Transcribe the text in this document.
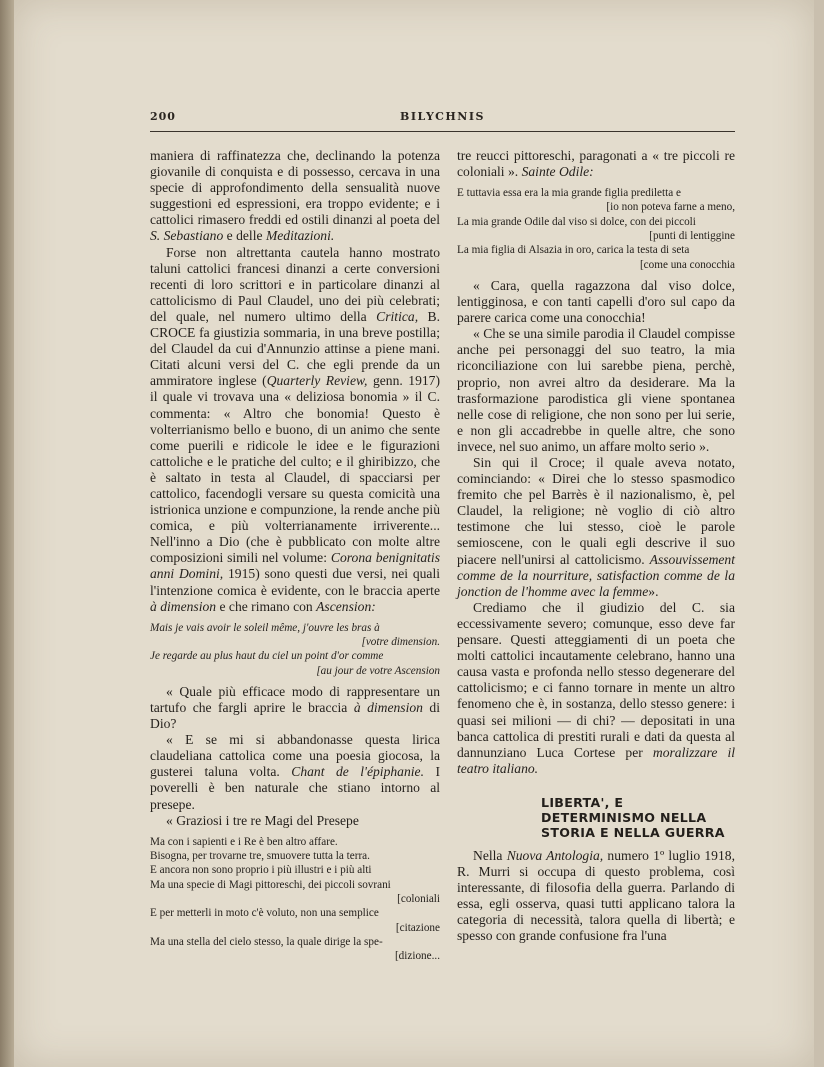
200	BILYCHNIS

maniera di raffinatezza che, declinando la potenza giovanile di conquista e di possesso, cercava in una specie di approfondimento della sensualità nuove suggestioni ed espressioni, era troppo evidente; e i cattolici rimasero freddi ed ostili dinanzi al poeta del S. Sebastiano e delle Meditazioni.

Forse non altrettanta cautela hanno mostrato taluni cattolici francesi dinanzi a certe conversioni recenti di loro scrittori e in particolare dinanzi al cattolicismo di Paul Claudel, uno dei più celebrati; del quale, nel numero ultimo della Critica, B. CROCE fa giustizia sommaria, in una breve postilla; del Claudel da cui d'Annunzio attinse a piene mani. Citati alcuni versi del C. che egli prende da un ammiratore inglese (Quarterly Review, genn. 1917) il quale vi trovava una « deliziosa bonomia » il C. commenta: « Altro che bonomia! Questo è volterrianismo bello e buono, di un animo che sente come puerili e ridicole le idee e le figurazioni cattoliche e le pratiche del culto; e il ghiribizzo, che è saltato in testa al Claudel, di spacciarsi per cattolico, facendogli versare su questa comicità una istrionica unzione e compunzione, la rende anche più comica, e più volterrianamente irriverente... Nell'inno a Dio (che è pubblicato con molte altre composizioni simili nel volume: Corona benignitatis anni Domini, 1915) sono questi due versi, nei quali l'intenzione comica è evidente, con le braccia aperte à dimension e che rimano con Ascension:

Mais je vais avoir le soleil même, j'ouvre les bras à

[votre dimension.

Je regarde au plus haut du ciel un point d'or comme

[au jour de votre Ascension

« Quale più efficace modo di rappresentare un tartufo che fargli aprire le braccia à dimension di Dio?

« E se mi si abbandonasse questa lirica claudeliana cattolica come una poesia giocosa, la gusterei taluna volta. Chant de l'épiphanie. I poverelli è ben naturale che stiano intorno al presepe.

« Graziosi i tre re Magi del Presepe

Ma con i sapienti e i Re è ben altro affare.

Bisogna, per trovarne tre, smuovere tutta la terra.

E ancora non sono proprio i più illustri e i più alti

Ma una specie di Magi pittoreschi, dei piccoli sovrani

[coloniali

E per metterli in moto c'è voluto, non una semplice

[citazione

Ma una stella del cielo stesso, la quale dirige la spe-

[dizione...

tre reucci pittoreschi, paragonati a « tre piccoli re coloniali ». Sainte Odile:

E tuttavia essa era la mia grande figlia prediletta e

[io non poteva farne a meno,

La mia grande Odile dal viso si dolce, con dei piccoli

[punti di lentiggine

La mia figlia di Alsazia in oro, carica la testa di seta

[come una conocchia

« Cara, quella ragazzona dal viso dolce, lentigginosa, e con tanti capelli d'oro sul capo da parere carica come una conocchia!

« Che se una simile parodia il Claudel compisse anche pei personaggi del suo teatro, la mia riconciliazione con lui sarebbe piena, perchè, proprio, non avrei altro da desiderare. Ma la trasformazione parodistica gli viene spontanea nelle cose di religione, che non sono per lui serie, e non gli accadrebbe in quelle altre, che sono invece, nel suo animo, un affare molto serio ».

Sin qui il Croce; il quale aveva notato, cominciando: « Direi che lo stesso spasmodico fremito che pel Barrès è il nazionalismo, è, pel Claudel, la religione; nè voglio di ciò altro testimone che lui stesso, cioè le parole semioscene, con le quali egli descrive il suo piacere nell'unirsi al cattolicismo. Assouvissement comme de la nourriture, satisfaction comme de la jonction de l'homme avec la femme».

Crediamo che il giudizio del C. sia eccessivamente severo; comunque, esso deve far pensare. Questi atteggiamenti di un poeta che molti cattolici incautamente celebrano, hanno una causa vasta e profonda nello stesso degenerare del cattolicismo; e ci fanno tornare in mente un altro fenomeno che è, in sostanza, dello stesso genere: i quasi sei milioni — di chi? — depositati in una banca cattolica di prestiti rurali e dati da questa al dannunziano Luca Cortese per moralizzare il teatro italiano.

LIBERTA', E DETERMINISMO NELLA STORIA E NELLA GUERRA

Nella Nuova Antologia, numero 1º luglio 1918, R. Murri si occupa di questo problema, così interessante, di filosofia della guerra. Parlando di essa, egli osserva, quasi tutti applicano talora la categoria di necessità, talora quella di libertà; e spesso con grande confusione fra l'una
